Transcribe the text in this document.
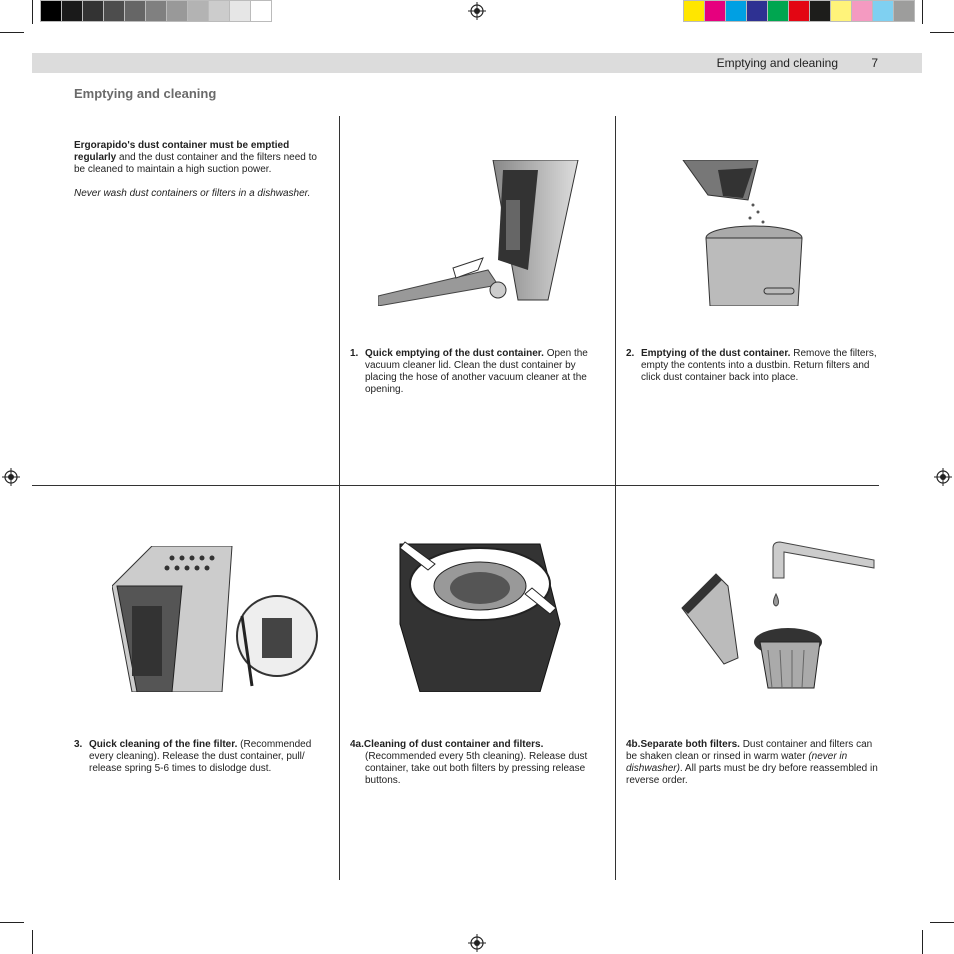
Emptying and cleaning	7
Emptying and cleaning
Ergorapido's dust container must be emptied regularly and the dust container and the filters need to be cleaned to maintain a high suction power.
Never wash dust containers or filters in a dishwasher.
1. Quick emptying of the dust container. Open the vacuum cleaner lid. Clean the dust container by placing the hose of another vacuum cleaner at the opening.
2. Emptying of the dust container. Remove the filters, empty the contents into a dustbin. Return filters and click dust container back into place.
3. Quick cleaning of the fine filter. (Recommended every cleaning). Release the dust container, pull/ release spring 5-6 times to dislodge dust.
4a.Cleaning of dust container and filters.
(Recommended every 5th cleaning). Release dust container, take out both filters by pressing release buttons.
4b.Separate both filters. Dust container and filters can be shaken clean or rinsed in warm water (never in dishwasher). All parts must be dry before reassembled in reverse order.
